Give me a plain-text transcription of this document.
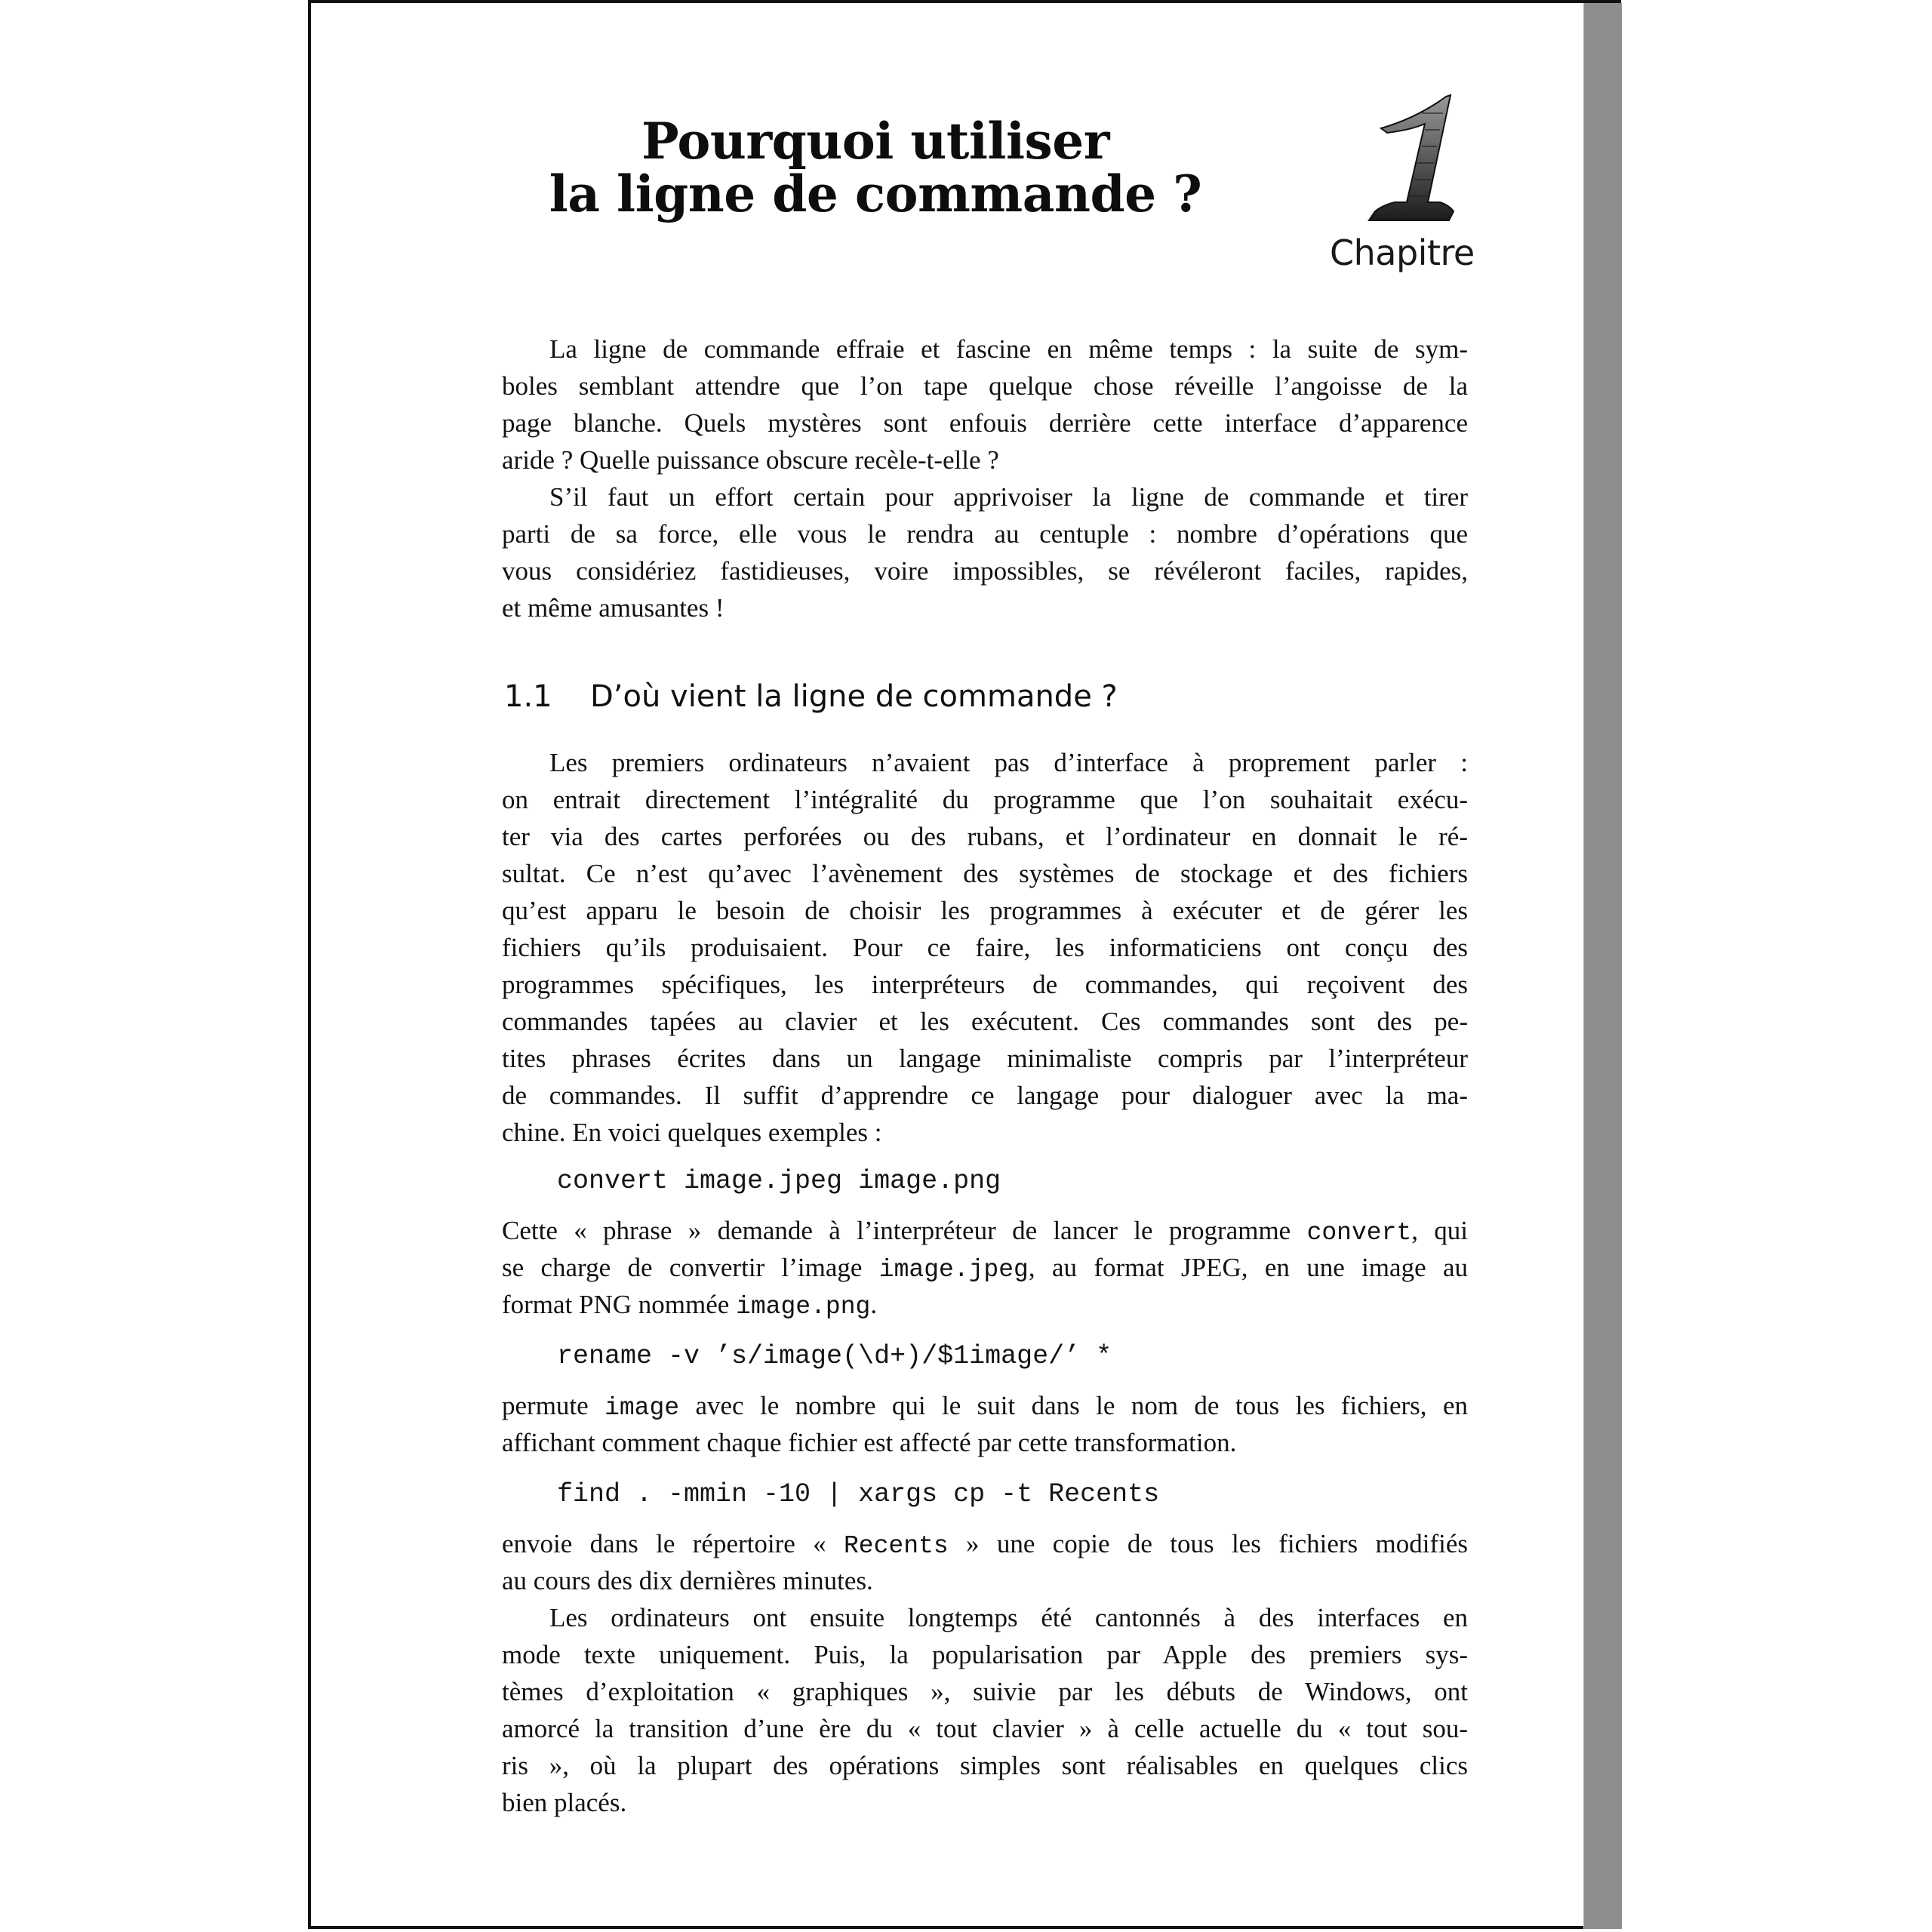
Pourquoi utiliser
la ligne de commande ?
Chapitre
La ligne de commande effraie et fascine en même temps : la suite de sym-
boles semblant attendre que l’on tape quelque chose réveille l’angoisse de la
page blanche. Quels mystères sont enfouis derrière cette interface d’apparence
aride ? Quelle puissance obscure recèle-t-elle ?
S’il faut un effort certain pour apprivoiser la ligne de commande et tirer
parti de sa force, elle vous le rendra au centuple : nombre d’opérations que
vous considériez fastidieuses, voire impossibles, se révéleront faciles, rapides,
et même amusantes !
1.1 D’où vient la ligne de commande ?
Les premiers ordinateurs n’avaient pas d’interface à proprement parler :
on entrait directement l’intégralité du programme que l’on souhaitait exécu-
ter via des cartes perforées ou des rubans, et l’ordinateur en donnait le ré-
sultat. Ce n’est qu’avec l’avènement des systèmes de stockage et des fichiers
qu’est apparu le besoin de choisir les programmes à exécuter et de gérer les
fichiers qu’ils produisaient. Pour ce faire, les informaticiens ont conçu des
programmes spécifiques, les interpréteurs de commandes, qui reçoivent des
commandes tapées au clavier et les exécutent. Ces commandes sont des pe-
tites phrases écrites dans un langage minimaliste compris par l’interpréteur
de commandes. Il suffit d’apprendre ce langage pour dialoguer avec la ma-
chine. En voici quelques exemples :
convert image.jpeg image.png
Cette « phrase » demande à l’interpréteur de lancer le programme convert, qui
se charge de convertir l’image image.jpeg, au format JPEG, en une image au
format PNG nommée image.png.
rename -v ’s/image(\d+)/$1image/’ *
permute image avec le nombre qui le suit dans le nom de tous les fichiers, en
affichant comment chaque fichier est affecté par cette transformation.
find . -mmin -10 | xargs cp -t Recents
envoie dans le répertoire « Recents » une copie de tous les fichiers modifiés
au cours des dix dernières minutes.
Les ordinateurs ont ensuite longtemps été cantonnés à des interfaces en
mode texte uniquement. Puis, la popularisation par Apple des premiers sys-
tèmes d’exploitation « graphiques », suivie par les débuts de Windows, ont
amorcé la transition d’une ère du « tout clavier » à celle actuelle du « tout sou-
ris », où la plupart des opérations simples sont réalisables en quelques clics
bien placés.
